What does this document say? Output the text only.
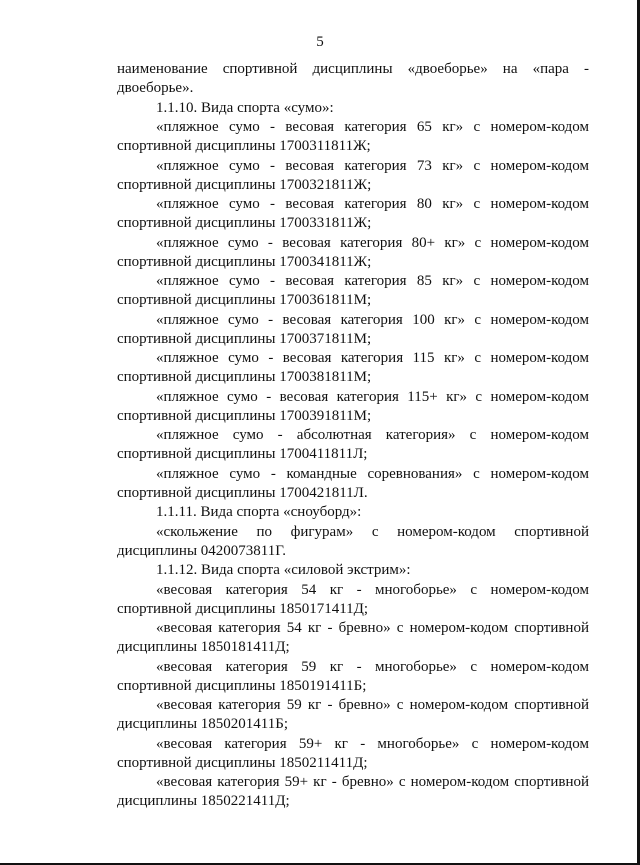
5

наименование спортивной дисциплины «двоеборье» на «пара - двоеборье».

1.1.10. Вида спорта «сумо»:

«пляжное сумо - весовая категория 65 кг» с номером-кодом спортивной дисциплины 1700311811Ж;

«пляжное сумо - весовая категория 73 кг» с номером-кодом спортивной дисциплины 1700321811Ж;

«пляжное сумо - весовая категория 80 кг» с номером-кодом спортивной дисциплины 1700331811Ж;

«пляжное сумо - весовая категория 80+ кг» с номером-кодом спортивной дисциплины 1700341811Ж;

«пляжное сумо - весовая категория 85 кг» с номером-кодом спортивной дисциплины 1700361811М;

«пляжное сумо - весовая категория 100 кг» с номером-кодом спортивной дисциплины 1700371811М;

«пляжное сумо - весовая категория 115 кг» с номером-кодом спортивной дисциплины 1700381811М;

«пляжное сумо - весовая категория 115+ кг» с номером-кодом спортивной дисциплины 1700391811М;

«пляжное сумо - абсолютная категория» с номером-кодом спортивной дисциплины 1700411811Л;

«пляжное сумо - командные соревнования» с номером-кодом спортивной дисциплины 1700421811Л.

1.1.11. Вида спорта «сноуборд»:

«скольжение по фигурам» с номером-кодом спортивной дисциплины 0420073811Г.

1.1.12. Вида спорта «силовой экстрим»:

«весовая категория 54 кг - многоборье» с номером-кодом спортивной дисциплины 1850171411Д;

«весовая категория 54 кг - бревно» с номером-кодом спортивной дисциплины 1850181411Д;

«весовая категория 59 кг - многоборье» с номером-кодом спортивной дисциплины 1850191411Б;

«весовая категория 59 кг - бревно» с номером-кодом спортивной дисциплины 1850201411Б;

«весовая категория 59+ кг - многоборье» с номером-кодом спортивной дисциплины 1850211411Д;

«весовая категория 59+ кг - бревно» с номером-кодом спортивной дисциплины 1850221411Д;
